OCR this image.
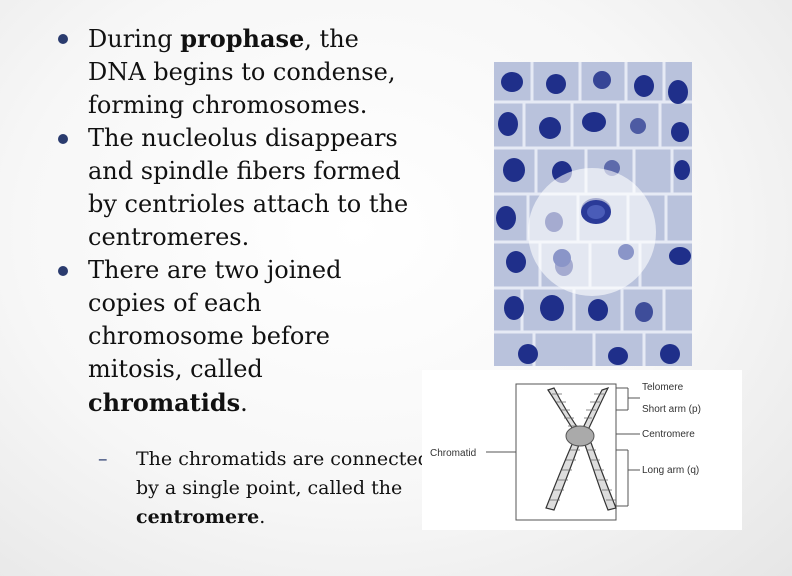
During prophase, the DNA begins to condense, forming chromosomes.
The nucleolus disappears and spindle fibers formed by centrioles attach to the centromeres.
There are two joined copies of each chromosome before mitosis, called chromatids.
– The chromatids are connected by a single point, called the centromere.
Chromatid
Telomere
Short arm (p)
Centromere
Long arm (q)
